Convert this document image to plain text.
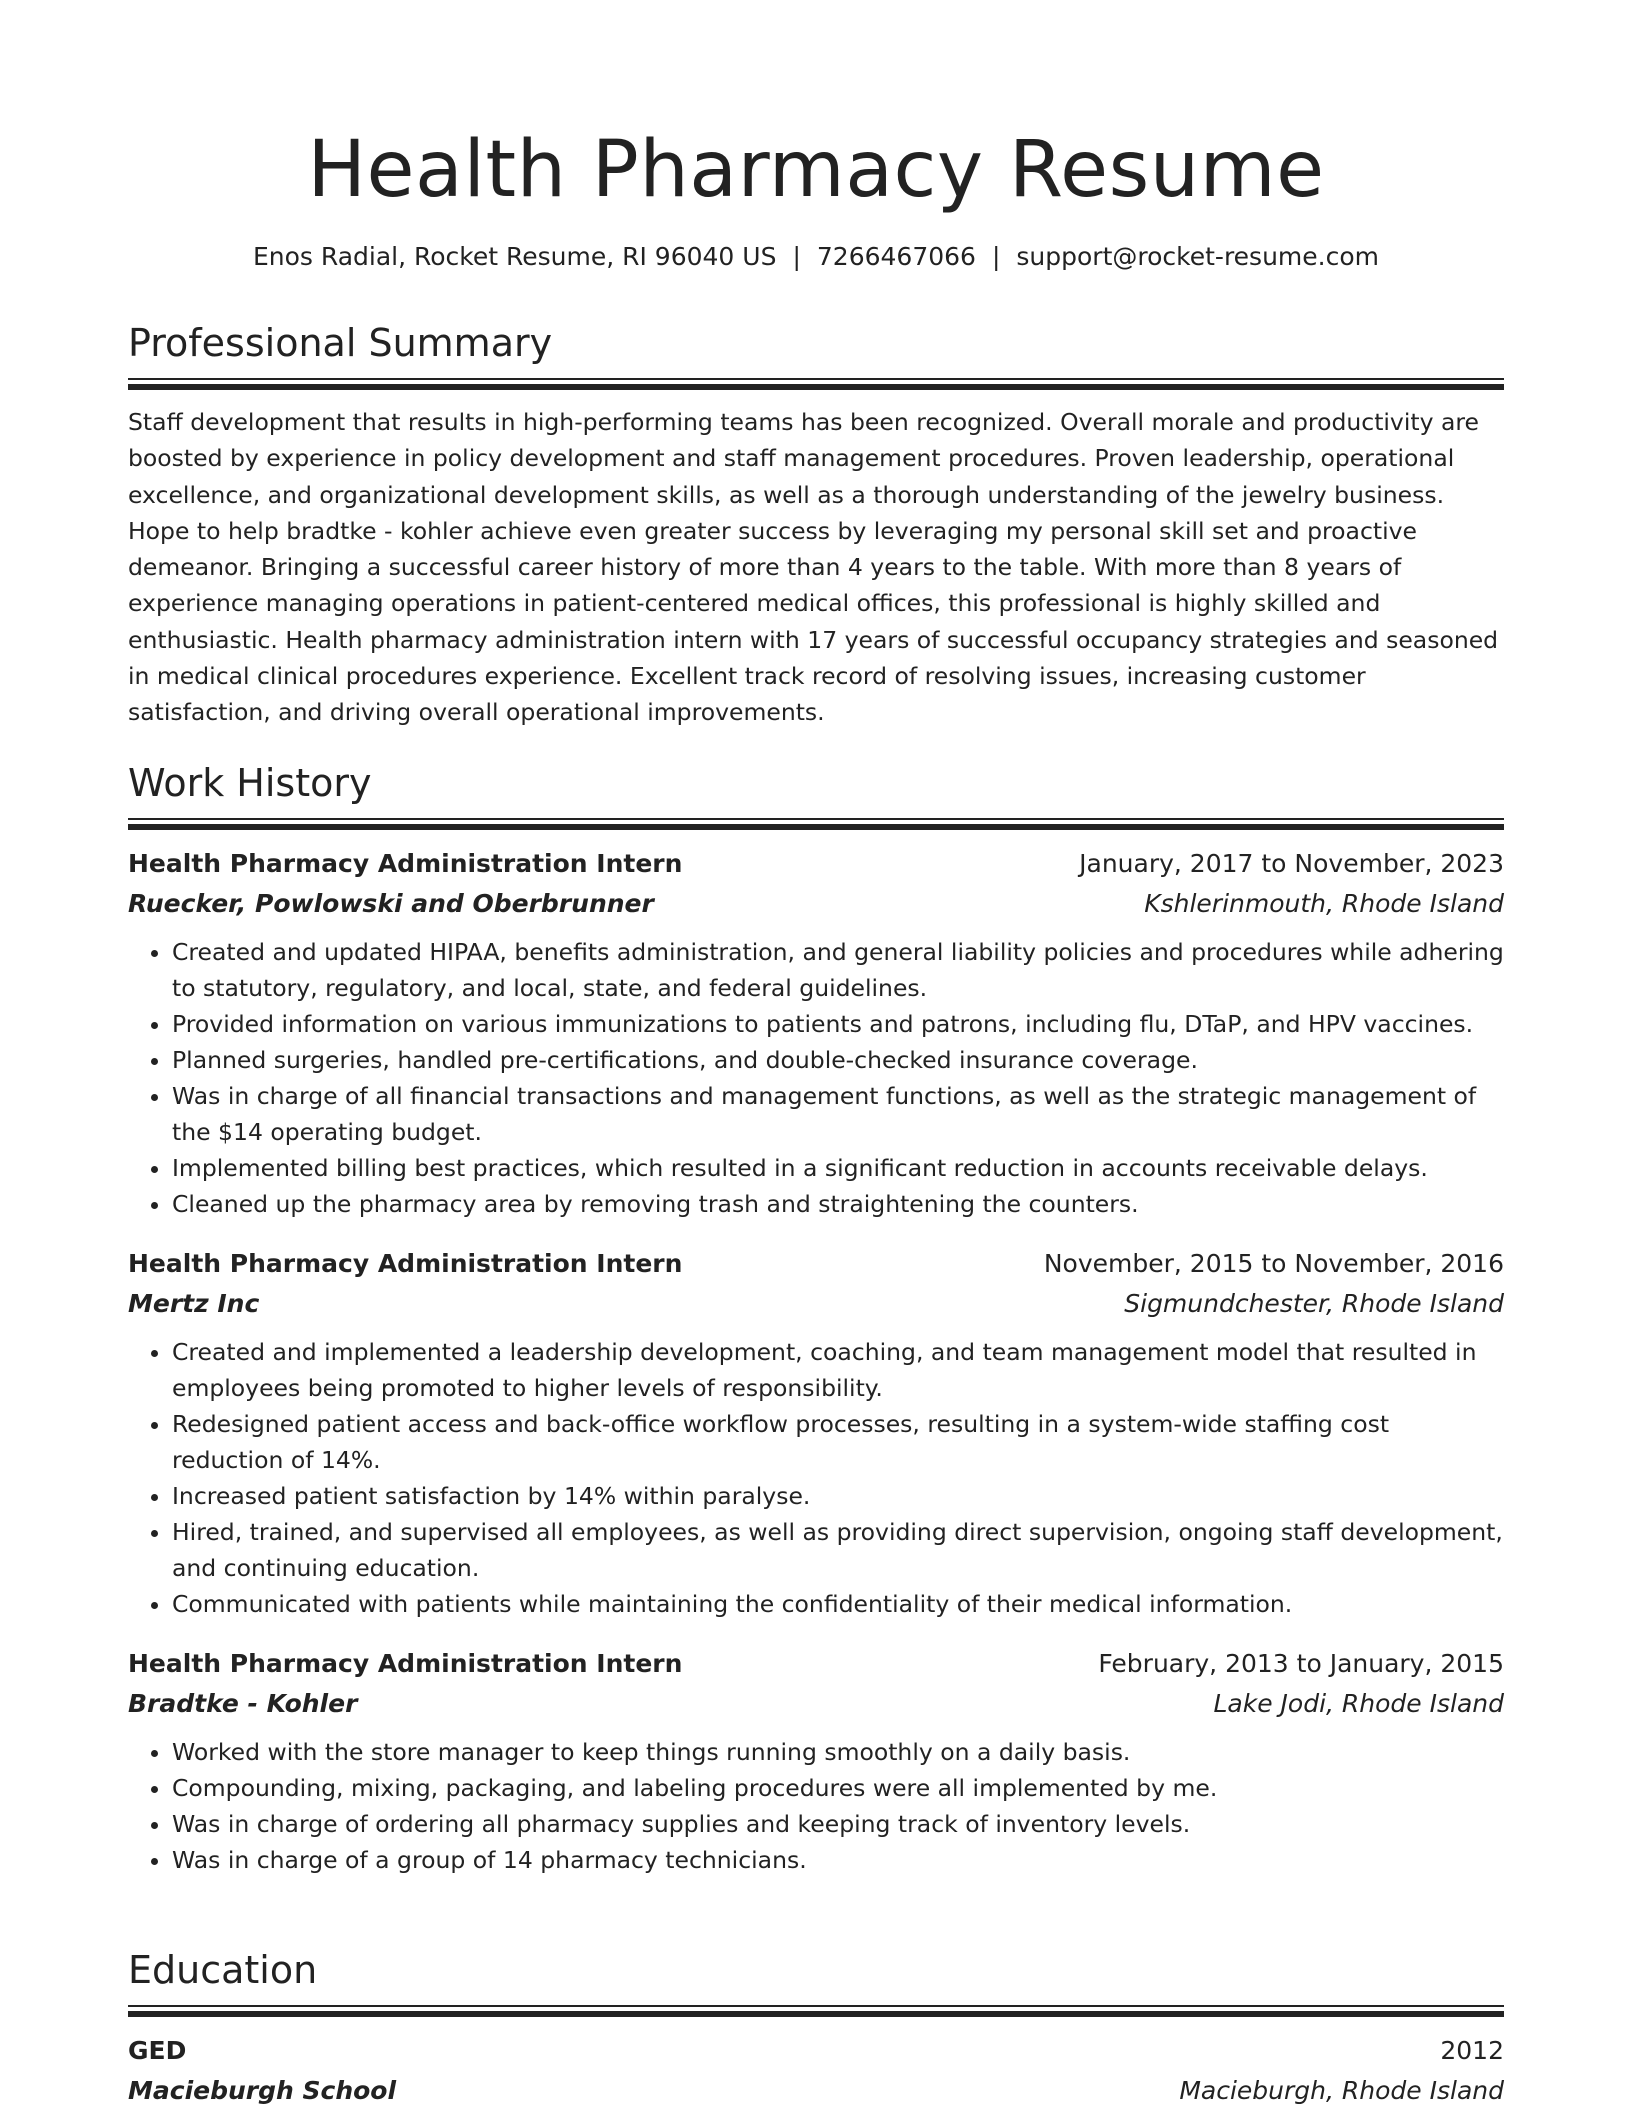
Health Pharmacy Resume
Enos Radial, Rocket Resume, RI 96040 US | 7266467066 | support@rocket-resume.com
Professional Summary
Staff development that results in high-performing teams has been recognized. Overall morale and productivity are boosted by experience in policy development and staff management procedures. Proven leadership, operational excellence, and organizational development skills, as well as a thorough understanding of the jewelry business. Hope to help bradtke - kohler achieve even greater success by leveraging my personal skill set and proactive demeanor. Bringing a successful career history of more than 4 years to the table. With more than 8 years of experience managing operations in patient-centered medical offices, this professional is highly skilled and enthusiastic. Health pharmacy administration intern with 17 years of successful occupancy strategies and seasoned in medical clinical procedures experience. Excellent track record of resolving issues, increasing customer satisfaction, and driving overall operational improvements.
Work History
Health Pharmacy Administration Intern	January, 2017 to November, 2023
Ruecker, Powlowski and Oberbrunner	Kshlerinmouth, Rhode Island
• Created and updated HIPAA, benefits administration, and general liability policies and procedures while adhering to statutory, regulatory, and local, state, and federal guidelines.
• Provided information on various immunizations to patients and patrons, including flu, DTaP, and HPV vaccines.
• Planned surgeries, handled pre-certifications, and double-checked insurance coverage.
• Was in charge of all financial transactions and management functions, as well as the strategic management of the $14 operating budget.
• Implemented billing best practices, which resulted in a significant reduction in accounts receivable delays.
• Cleaned up the pharmacy area by removing trash and straightening the counters.
Health Pharmacy Administration Intern	November, 2015 to November, 2016
Mertz Inc	Sigmundchester, Rhode Island
• Created and implemented a leadership development, coaching, and team management model that resulted in employees being promoted to higher levels of responsibility.
• Redesigned patient access and back-office workflow processes, resulting in a system-wide staffing cost reduction of 14%.
• Increased patient satisfaction by 14% within paralyse.
• Hired, trained, and supervised all employees, as well as providing direct supervision, ongoing staff development, and continuing education.
• Communicated with patients while maintaining the confidentiality of their medical information.
Health Pharmacy Administration Intern	February, 2013 to January, 2015
Bradtke - Kohler	Lake Jodi, Rhode Island
• Worked with the store manager to keep things running smoothly on a daily basis.
• Compounding, mixing, packaging, and labeling procedures were all implemented by me.
• Was in charge of ordering all pharmacy supplies and keeping track of inventory levels.
• Was in charge of a group of 14 pharmacy technicians.
Education
GED	2012
Macieburgh School	Macieburgh, Rhode Island
